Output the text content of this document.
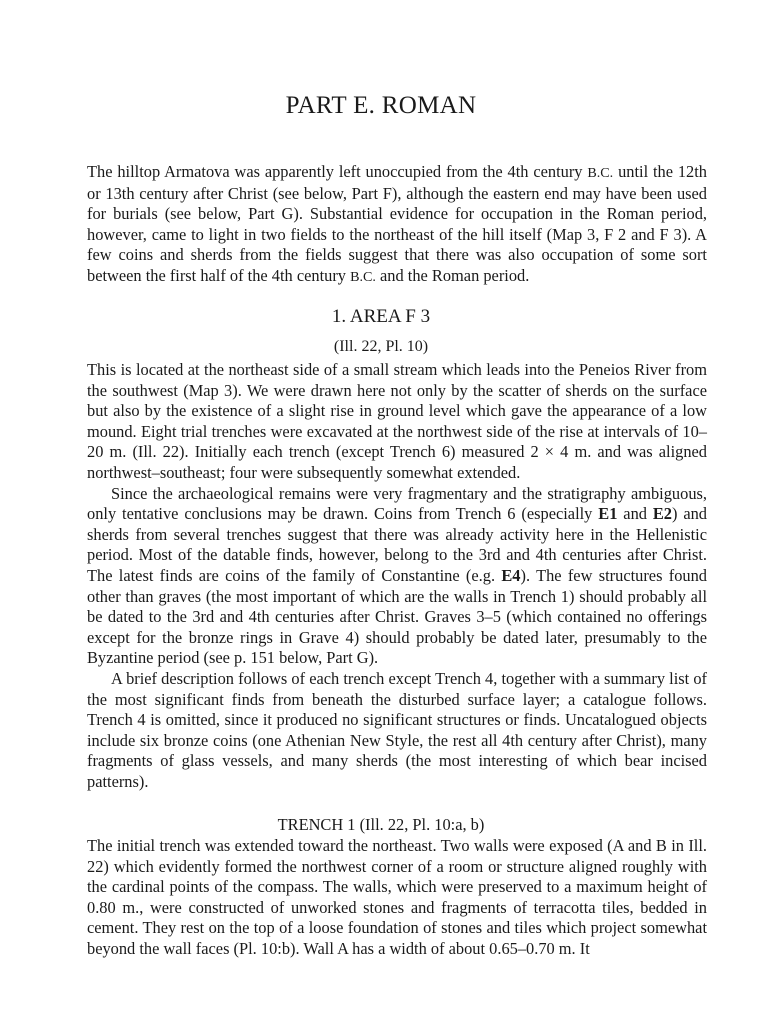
PART E. ROMAN

The hilltop Armatova was apparently left unoccupied from the 4th century B.C. until the 12th or 13th century after Christ (see below, Part F), although the eastern end may have been used for burials (see below, Part G). Substantial evidence for occupation in the Roman period, however, came to light in two fields to the northeast of the hill itself (Map 3, F 2 and F 3). A few coins and sherds from the fields suggest that there was also occupation of some sort between the first half of the 4th century B.C. and the Roman period.

1. AREA F 3

(Ill. 22, Pl. 10)

This is located at the northeast side of a small stream which leads into the Peneios River from the southwest (Map 3). We were drawn here not only by the scatter of sherds on the surface but also by the existence of a slight rise in ground level which gave the appearance of a low mound. Eight trial trenches were excavated at the northwest side of the rise at intervals of 10–20 m. (Ill. 22). Initially each trench (except Trench 6) measured 2 × 4 m. and was aligned northwest–southeast; four were subsequently somewhat extended.

Since the archaeological remains were very fragmentary and the stratigraphy ambiguous, only tentative conclusions may be drawn. Coins from Trench 6 (especially E1 and E2) and sherds from several trenches suggest that there was already activity here in the Hellenistic period. Most of the datable finds, however, belong to the 3rd and 4th centuries after Christ. The latest finds are coins of the family of Constantine (e.g. E4). The few structures found other than graves (the most important of which are the walls in Trench 1) should probably all be dated to the 3rd and 4th centuries after Christ. Graves 3–5 (which contained no offerings except for the bronze rings in Grave 4) should probably be dated later, presumably to the Byzantine period (see p. 151 below, Part G).

A brief description follows of each trench except Trench 4, together with a summary list of the most significant finds from beneath the disturbed surface layer; a catalogue follows. Trench 4 is omitted, since it produced no significant structures or finds. Uncatalogued objects include six bronze coins (one Athenian New Style, the rest all 4th century after Christ), many fragments of glass vessels, and many sherds (the most interesting of which bear incised patterns).

TRENCH 1 (Ill. 22, Pl. 10:a, b)

The initial trench was extended toward the northeast. Two walls were exposed (A and B in Ill. 22) which evidently formed the northwest corner of a room or structure aligned roughly with the cardinal points of the compass. The walls, which were preserved to a maximum height of 0.80 m., were constructed of unworked stones and fragments of terracotta tiles, bedded in cement. They rest on the top of a loose foundation of stones and tiles which project somewhat beyond the wall faces (Pl. 10:b). Wall A has a width of about 0.65–0.70 m. It
